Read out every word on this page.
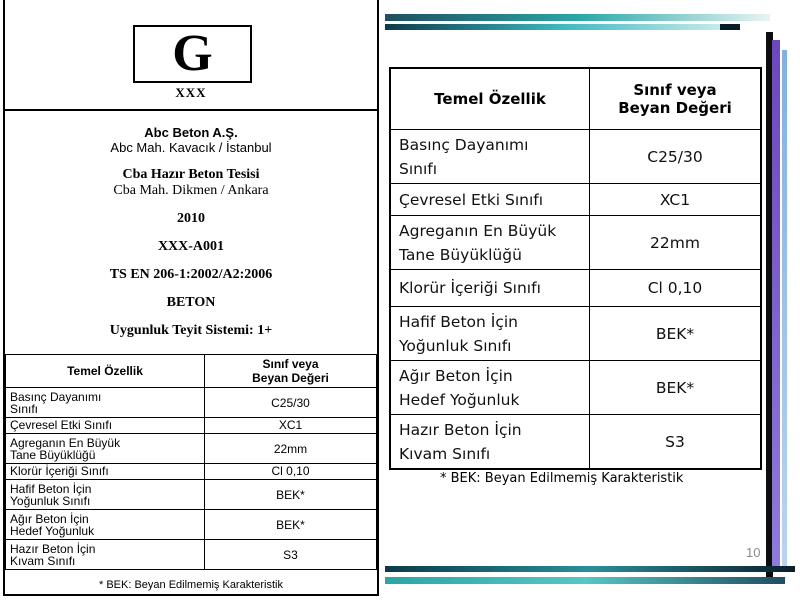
10
G
XXX
Abc Beton A.Ş.
Abc Mah. Kavacık / İstanbul
Cba Hazır Beton Tesisi
Cba Mah. Dikmen / Ankara
2010
XXX-A001
TS EN 206-1:2002/A2:2006
BETON
Uygunluk Teyit Sistemi: 1+
Temel Özellik	Sınıf veya
Beyan Değeri
Basınç Dayanımı
Sınıfı	C25/30
Çevresel Etki Sınıfı	XC1
Agreganın En Büyük
Tane Büyüklüğü	22mm
Klorür İçeriği Sınıfı	Cl 0,10
Hafif Beton İçin
Yoğunluk Sınıfı	BEK*
Ağır Beton İçin
Hedef Yoğunluk	BEK*
Hazır Beton İçin
Kıvam Sınıfı	S3
* BEK: Beyan Edilmemiş Karakteristik
Temel Özellik	Sınıf veya
Beyan Değeri
Basınç Dayanımı
Sınıfı	C25/30
Çevresel Etki Sınıfı	XC1
Agreganın En Büyük
Tane Büyüklüğü	22mm
Klorür İçeriği Sınıfı	Cl 0,10
Hafif Beton İçin
Yoğunluk Sınıfı	BEK*
Ağır Beton İçin
Hedef Yoğunluk	BEK*
Hazır Beton İçin
Kıvam Sınıfı	S3
* BEK: Beyan Edilmemiş Karakteristik
